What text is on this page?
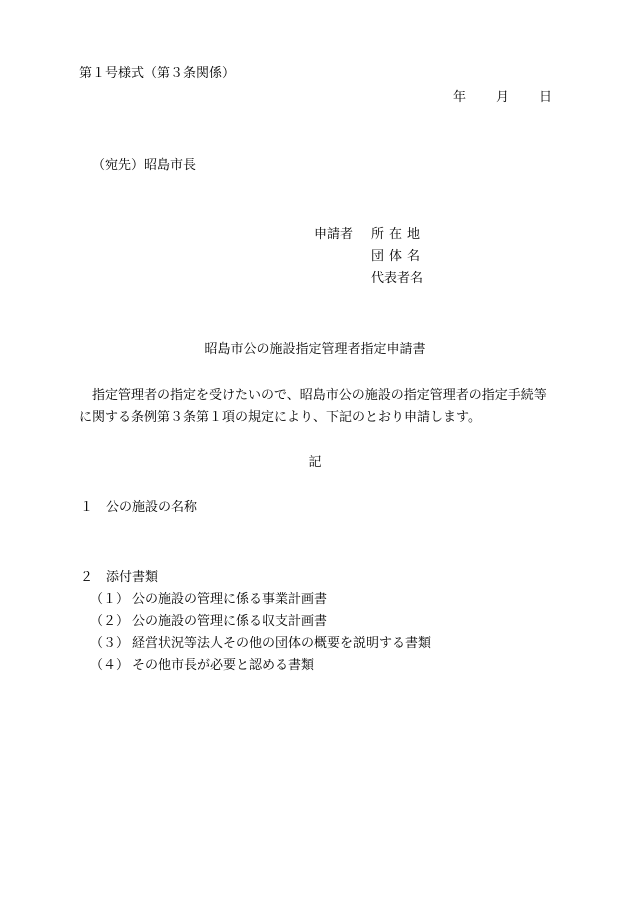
第１号様式（第３条関係）
年 月 日
（宛先）昭島市長
申請者 所在地
団体名
代表者名
昭島市公の施設指定管理者指定申請書
指定管理者の指定を受けたいので、昭島市公の施設の指定管理者の指定手続等に関する条例第３条第１項の規定により、下記のとおり申請します。
記
１ 公の施設の名称
２ 添付書類
（１） 公の施設の管理に係る事業計画書
（２） 公の施設の管理に係る収支計画書
（３） 経営状況等法人その他の団体の概要を説明する書類
（４） その他市長が必要と認める書類
